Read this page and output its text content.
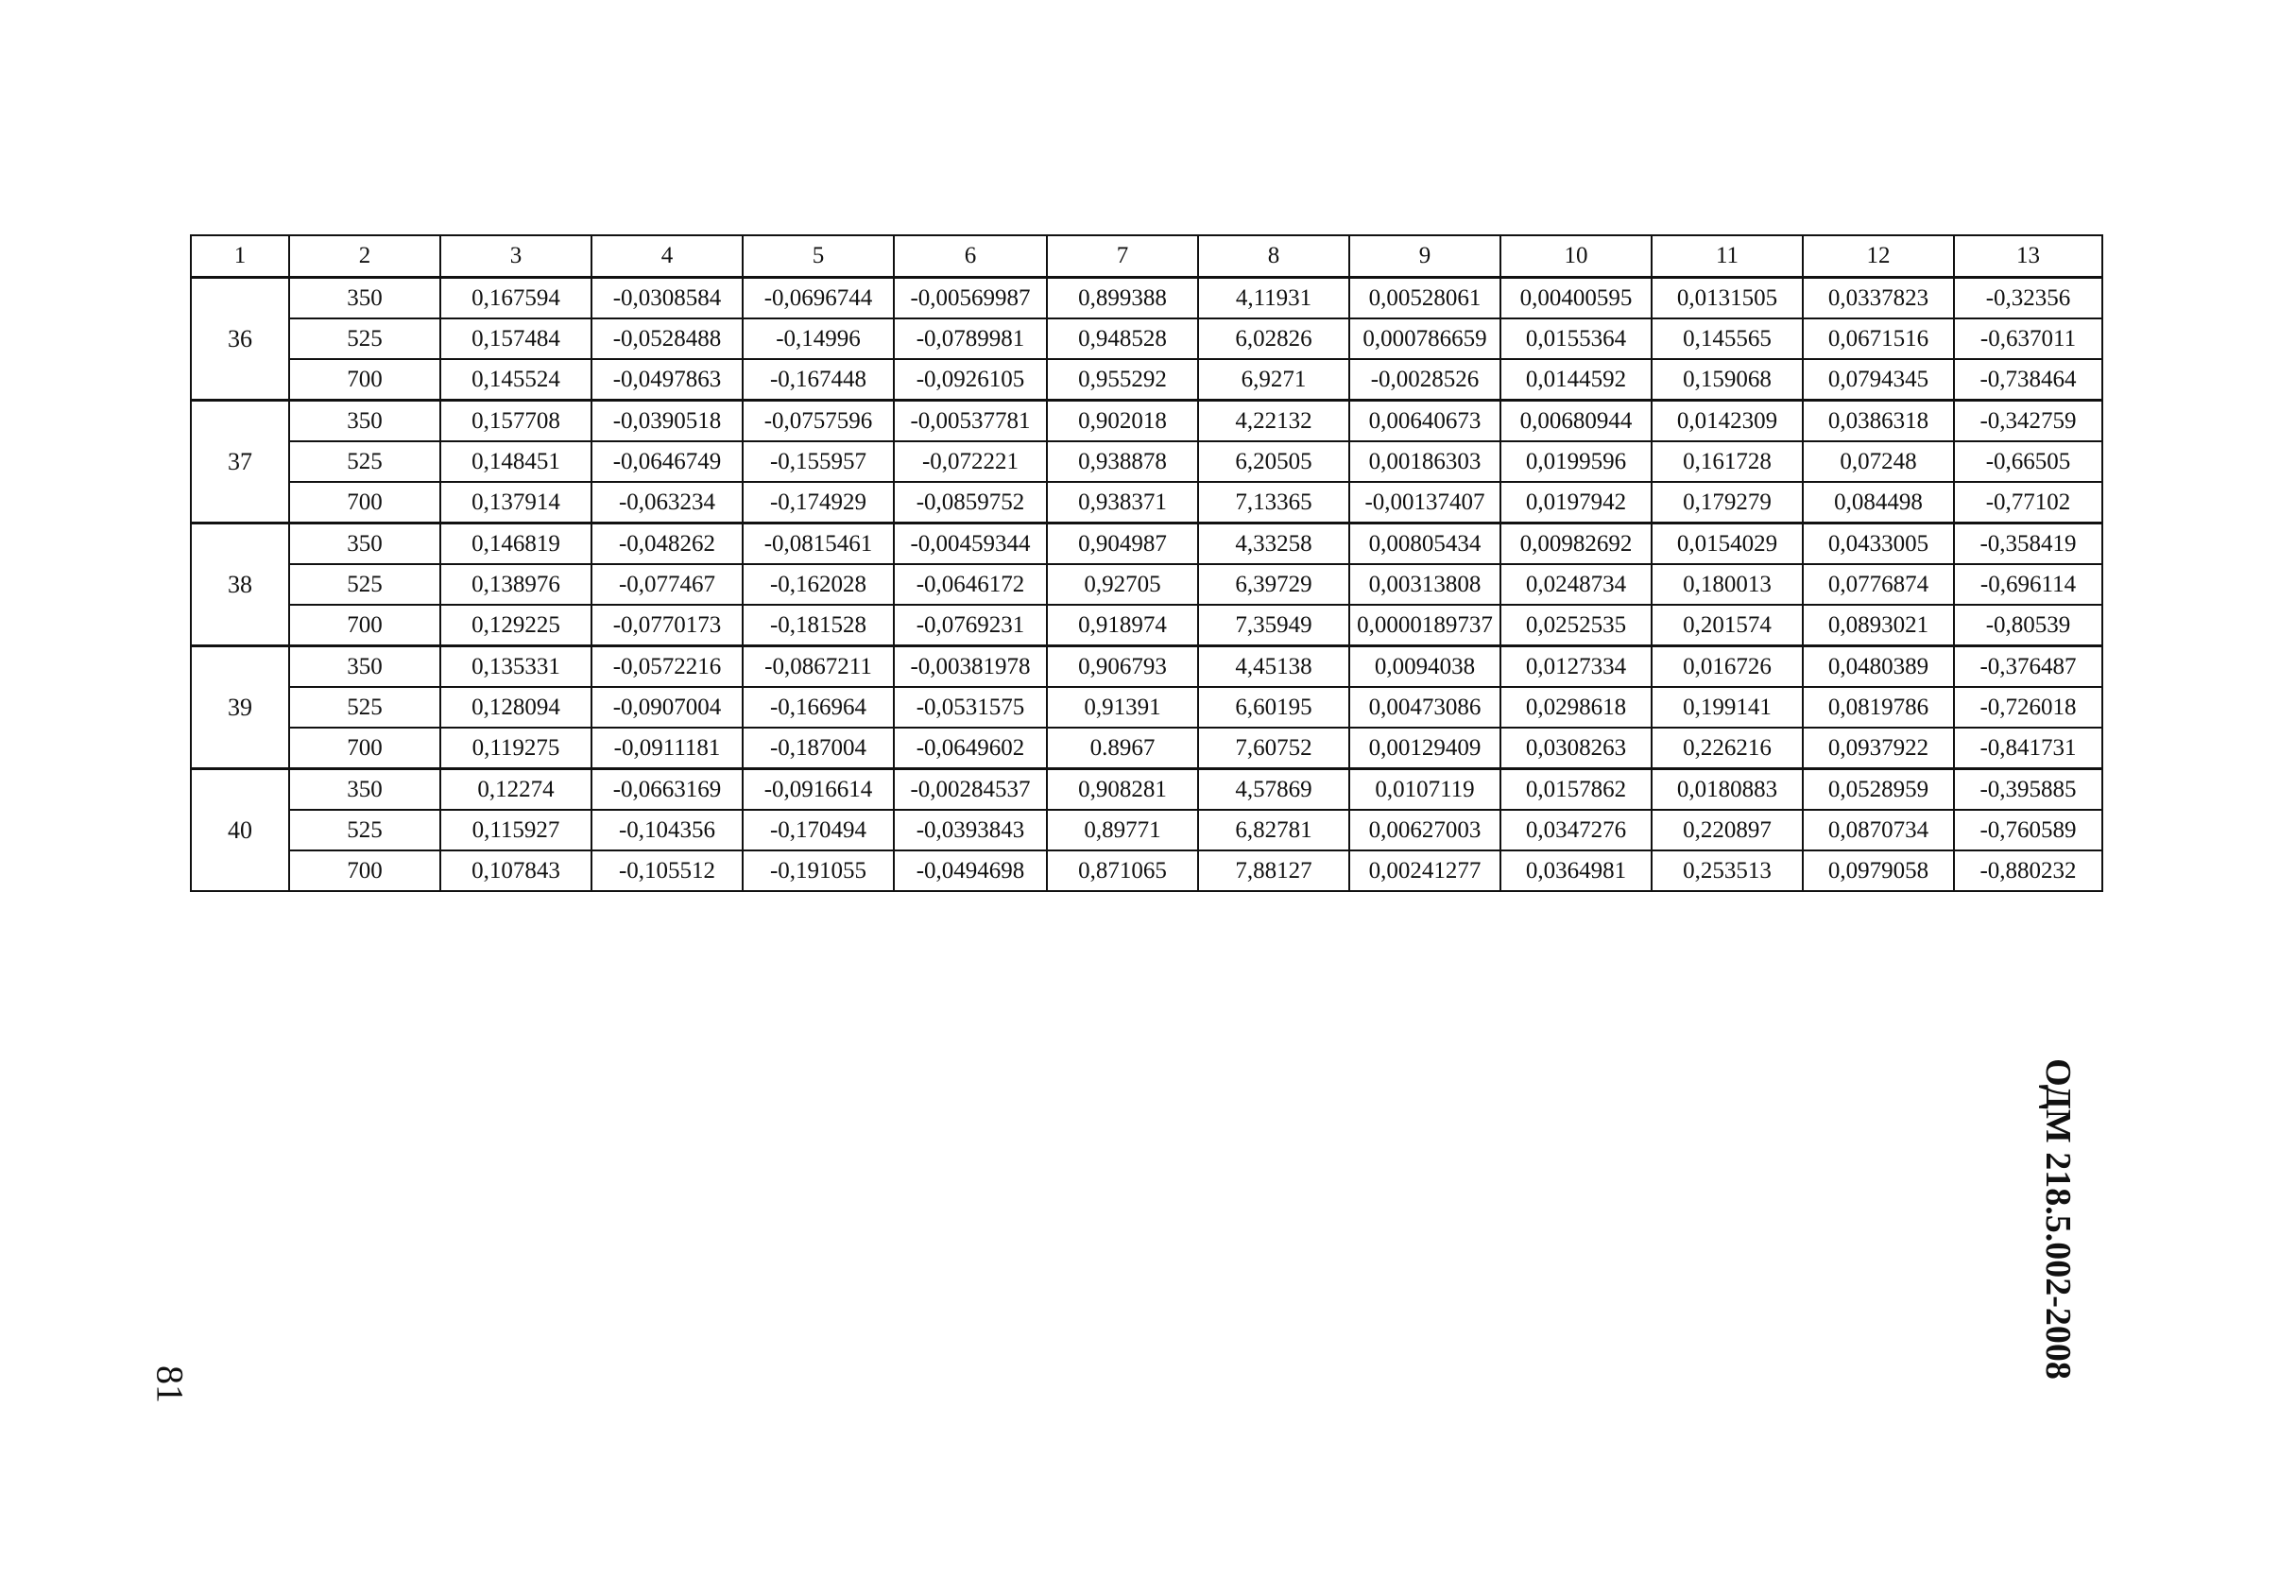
1	2	3	4	5	6	7	8	9	10	11	12	13
36	350	0,167594	-0,0308584	-0,0696744	-0,00569987	0,899388	4,11931	0,00528061	0,00400595	0,0131505	0,0337823	-0,32356
	525	0,157484	-0,0528488	-0,14996	-0,0789981	0,948528	6,02826	0,000786659	0,0155364	0,145565	0,0671516	-0,637011
	700	0,145524	-0,0497863	-0,167448	-0,0926105	0,955292	6,9271	-0,0028526	0,0144592	0,159068	0,0794345	-0,738464
37	350	0,157708	-0,0390518	-0,0757596	-0,00537781	0,902018	4,22132	0,00640673	0,00680944	0,0142309	0,0386318	-0,342759
	525	0,148451	-0,0646749	-0,155957	-0,072221	0,938878	6,20505	0,00186303	0,0199596	0,161728	0,07248	-0,66505
	700	0,137914	-0,063234	-0,174929	-0,0859752	0,938371	7,13365	-0,00137407	0,0197942	0,179279	0,084498	-0,77102
38	350	0,146819	-0,048262	-0,0815461	-0,00459344	0,904987	4,33258	0,00805434	0,00982692	0,0154029	0,0433005	-0,358419
	525	0,138976	-0,077467	-0,162028	-0,0646172	0,92705	6,39729	0,00313808	0,0248734	0,180013	0,0776874	-0,696114
	700	0,129225	-0,0770173	-0,181528	-0,0769231	0,918974	7,35949	0,0000189737	0,0252535	0,201574	0,0893021	-0,80539
39	350	0,135331	-0,0572216	-0,0867211	-0,00381978	0,906793	4,45138	0,0094038	0,0127334	0,016726	0,0480389	-0,376487
	525	0,128094	-0,0907004	-0,166964	-0,0531575	0,91391	6,60195	0,00473086	0,0298618	0,199141	0,0819786	-0,726018
	700	0,119275	-0,0911181	-0,187004	-0,0649602	0.8967	7,60752	0,00129409	0,0308263	0,226216	0,0937922	-0,841731
40	350	0,12274	-0,0663169	-0,0916614	-0,00284537	0,908281	4,57869	0,0107119	0,0157862	0,0180883	0,0528959	-0,395885
	525	0,115927	-0,104356	-0,170494	-0,0393843	0,89771	6,82781	0,00627003	0,0347276	0,220897	0,0870734	-0,760589
	700	0,107843	-0,105512	-0,191055	-0,0494698	0,871065	7,88127	0,00241277	0,0364981	0,253513	0,0979058	-0,880232
ОДМ 218.5.002-2008
81
